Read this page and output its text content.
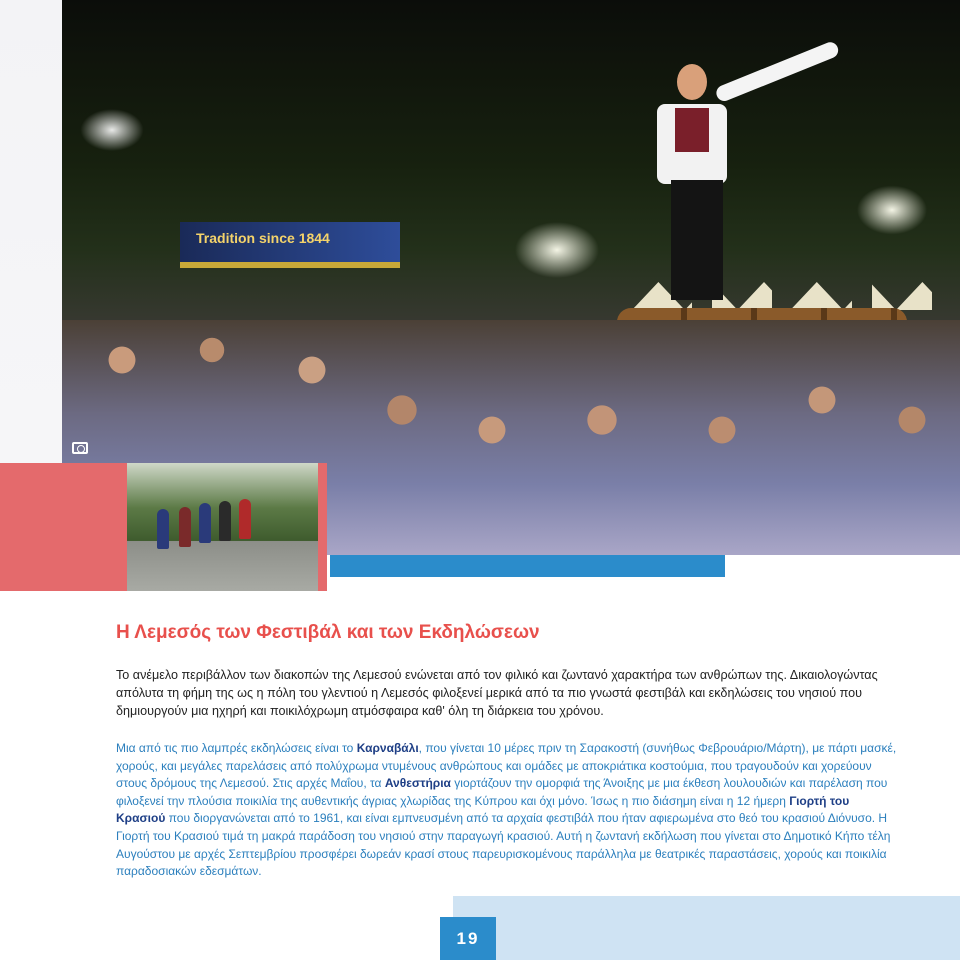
Tradition since 1844
Η Λεμεσός των Φεστιβάλ και των Εκδηλώσεων

Το ανέμελο περιβάλλον των διακοπών της Λεμεσού ενώνεται από τον φιλικό και ζωντανό χαρακτήρα των ανθρώπων της. Δικαιολογώντας απόλυτα τη φήμη της ως η πόλη του γλεντιού η Λεμεσός φιλοξενεί μερικά από τα πιο γνωστά φεστιβάλ και εκδηλώσεις του νησιού που δημιουργούν μια ηχηρή και ποικιλόχρωμη ατμόσφαιρα καθ' όλη τη διάρκεια του χρόνου.

Μια από τις πιο λαμπρές εκδηλώσεις είναι το Καρναβάλι, που γίνεται 10 μέρες πριν τη Σαρακοστή (συνήθως Φεβρουάριο/Μάρτη), με πάρτι μασκέ, χορούς, και μεγάλες παρελάσεις από πολύχρωμα ντυμένους ανθρώπους και ομάδες με αποκριάτικα κοστούμια, που τραγουδούν και χορεύουν στους δρόμους της Λεμεσού. Στις αρχές Μαΐου, τα Ανθεστήρια γιορτάζουν την ομορφιά της Άνοιξης με μια έκθεση λουλουδιών και παρέλαση που φιλοξενεί την πλούσια ποικιλία της αυθεντικής άγριας χλωρίδας της Κύπρου και όχι μόνο. Ίσως η πιο διάσημη είναι η 12 ήμερη Γιορτή του Κρασιού που διοργανώνεται από το 1961, και είναι εμπνευσμένη από τα αρχαία φεστιβάλ που ήταν αφιερωμένα στο θεό του κρασιού Διόνυσο. Η Γιορτή του Κρασιού τιμά τη μακρά παράδοση του νησιού στην παραγωγή κρασιού. Αυτή η ζωντανή εκδήλωση που γίνεται στο Δημοτικό Κήπο τέλη Αυγούστου με αρχές Σεπτεμβρίου προσφέρει δωρεάν κρασί στους παρευρισκομένους παράλληλα με θεατρικές παραστάσεις, χορούς και ποικιλία παραδοσιακών εδεσμάτων.

19
